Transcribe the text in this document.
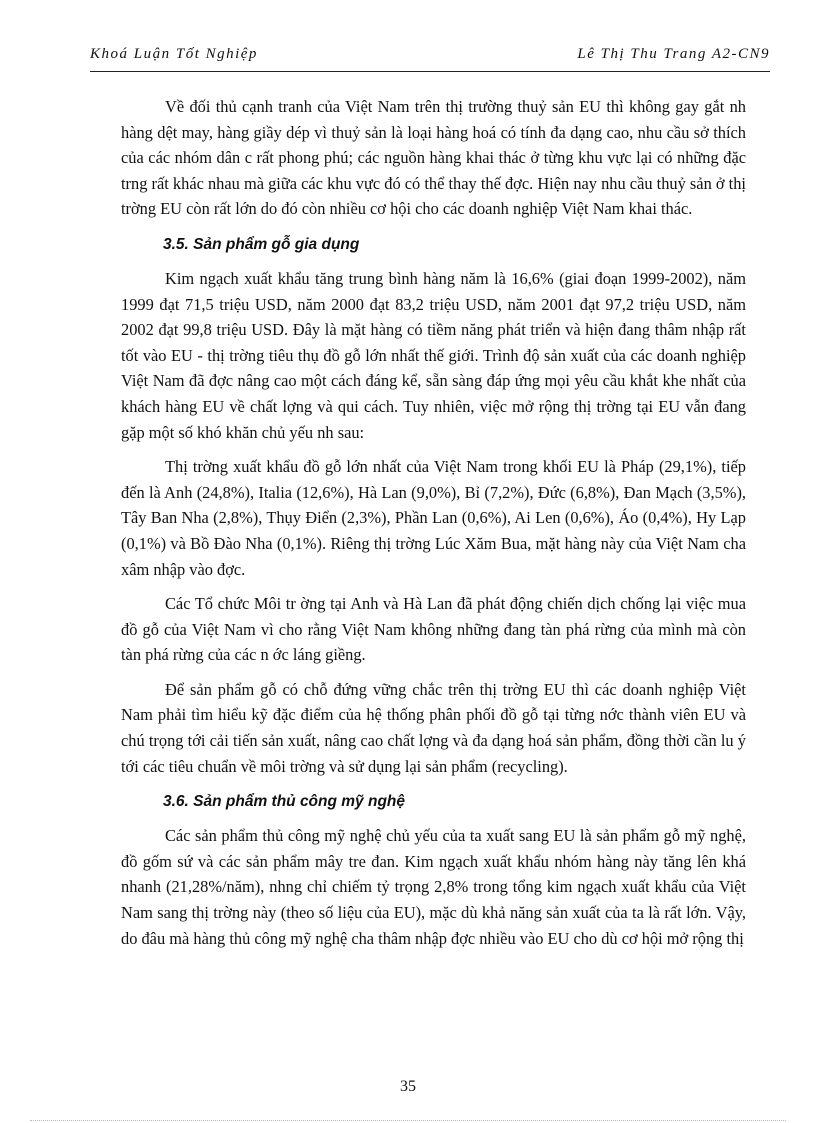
Khoá Luận Tốt Nghiệp	Lê Thị Thu Trang A2-CN9

Về đối thủ cạnh tranh của Việt Nam trên thị trường thuỷ sản EU thì không gay gắt nh hàng dệt may, hàng giầy dép vì thuỷ sản là loại hàng hoá có tính đa dạng cao, nhu cầu sở thích của các nhóm dân c rất phong phú; các nguồn hàng khai thác ở từng khu vực lại có những đặc trng rất khác nhau mà giữa các khu vực đó có thể thay thế đợc. Hiện nay nhu cầu thuỷ sản ở thị trờng EU còn rất lớn do đó còn nhiều cơ hội cho các doanh nghiệp Việt Nam khai thác.

3.5. Sản phẩm gỗ gia dụng

Kim ngạch xuất khẩu tăng trung bình hàng năm là 16,6% (giai đoạn 1999-2002), năm 1999 đạt 71,5 triệu USD, năm 2000 đạt 83,2 triệu USD, năm 2001 đạt 97,2 triệu USD, năm 2002 đạt 99,8 triệu USD. Đây là mặt hàng có tiềm năng phát triển và hiện đang thâm nhập rất tốt vào EU - thị trờng tiêu thụ đồ gỗ lớn nhất thế giới. Trình độ sản xuất của các doanh nghiệp Việt Nam đã đợc nâng cao một cách đáng kể, sẵn sàng đáp ứng mọi yêu cầu khắt khe nhất của khách hàng EU về chất lợng và qui cách. Tuy nhiên, việc mở rộng thị trờng tại EU vẫn đang gặp một số khó khăn chủ yếu nh sau:

Thị trờng xuất khẩu đồ gỗ lớn nhất của Việt Nam trong khối EU là Pháp (29,1%), tiếp đến là Anh (24,8%), Italia (12,6%), Hà Lan (9,0%), Bỉ (7,2%), Đức (6,8%), Đan Mạch (3,5%), Tây Ban Nha (2,8%), Thụy Điển (2,3%), Phần Lan (0,6%), Ai Len (0,6%), Áo (0,4%), Hy Lạp (0,1%) và Bồ Đào Nha (0,1%). Riêng thị trờng Lúc Xăm Bua, mặt hàng này của Việt Nam cha xâm nhập vào đợc.

Các Tổ chức Môi tr ờng tại Anh và Hà Lan đã phát động chiến dịch chống lại việc mua đồ gỗ của Việt Nam vì cho rằng Việt Nam không những đang tàn phá rừng của mình mà còn tàn phá rừng của các n ớc láng giềng.

Để sản phẩm gỗ có chỗ đứng vững chắc trên thị trờng EU thì các doanh nghiệp Việt Nam phải tìm hiểu kỹ đặc điểm của hệ thống phân phối đồ gỗ tại từng nớc thành viên EU và chú trọng tới cải tiến sản xuất, nâng cao chất lợng và đa dạng hoá sản phẩm, đồng thời cần lu ý tới các tiêu chuẩn về môi trờng và sử dụng lại sản phẩm (recycling).

3.6. Sản phẩm thủ công mỹ nghệ

Các sản phẩm thủ công mỹ nghệ chủ yếu của ta xuất sang EU là sản phẩm gỗ mỹ nghệ, đồ gốm sứ và các sản phẩm mây tre đan. Kim ngạch xuất khẩu nhóm hàng này tăng lên khá nhanh (21,28%/năm), nhng chỉ chiếm tỷ trọng 2,8% trong tổng kim ngạch xuất khẩu của Việt Nam sang thị trờng này (theo số liệu của EU), mặc dù khả năng sản xuất của ta là rất lớn. Vậy, do đâu mà hàng thủ công mỹ nghệ cha thâm nhập đợc nhiều vào EU cho dù cơ hội mở rộng thị

35
